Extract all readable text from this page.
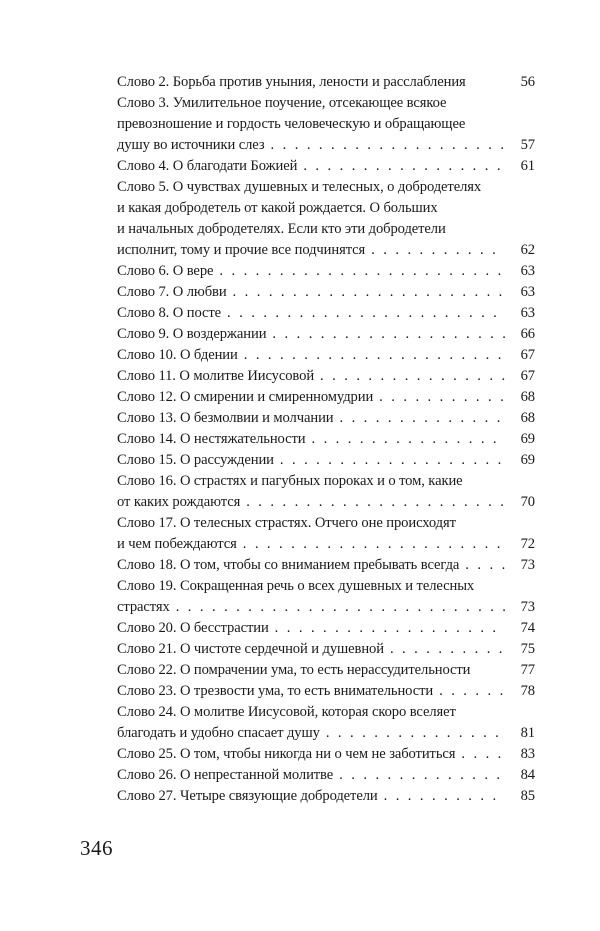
Слово 2. Борьба против уныния, лености и расслабления	56
Слово 3. Умилительное поучение, отсекающее всякое
превозношение и гордость человеческую и обращающее
душу во источники слез . . .	57
Слово 4. О благодати Божией . . .	61
Слово 5. О чувствах душевных и телесных, о добродетелях
и какая добродетель от какой рождается. О больших
и начальных добродетелях. Если кто эти добродетели
исполнит, тому и прочие все подчинятся . . .	62
Слово 6. О вере . . .	63
Слово 7. О любви . . .	63
Слово 8. О посте . . .	63
Слово 9. О воздержании . . .	66
Слово 10. О бдении . . .	67
Слово 11. О молитве Иисусовой . . .	67
Слово 12. О смирении и смиренномудрии . . .	68
Слово 13. О безмолвии и молчании . . .	68
Слово 14. О нестяжательности . . .	69
Слово 15. О рассуждении . . .	69
Слово 16. О страстях и пагубных пороках и о том, какие
от каких рождаются . . .	70
Слово 17. О телесных страстях. Отчего оне происходят
и чем побеждаются . . .	72
Слово 18. О том, чтобы со вниманием пребывать всегда . . .	73
Слово 19. Сокращенная речь о всех душевных и телесных
страстях . . .	73
Слово 20. О бесстрастии . . .	74
Слово 21. О чистоте сердечной и душевной . . .	75
Слово 22. О помрачении ума, то есть нерассудительности	77
Слово 23. О трезвости ума, то есть внимательности . . .	78
Слово 24. О молитве Иисусовой, которая скоро вселяет
благодать и удобно спасает душу . . .	81
Слово 25. О том, чтобы никогда ни о чем не заботиться . . .	83
Слово 26. О непрестанной молитве . . .	84
Слово 27. Четыре связующие добродетели . . .	85
346
